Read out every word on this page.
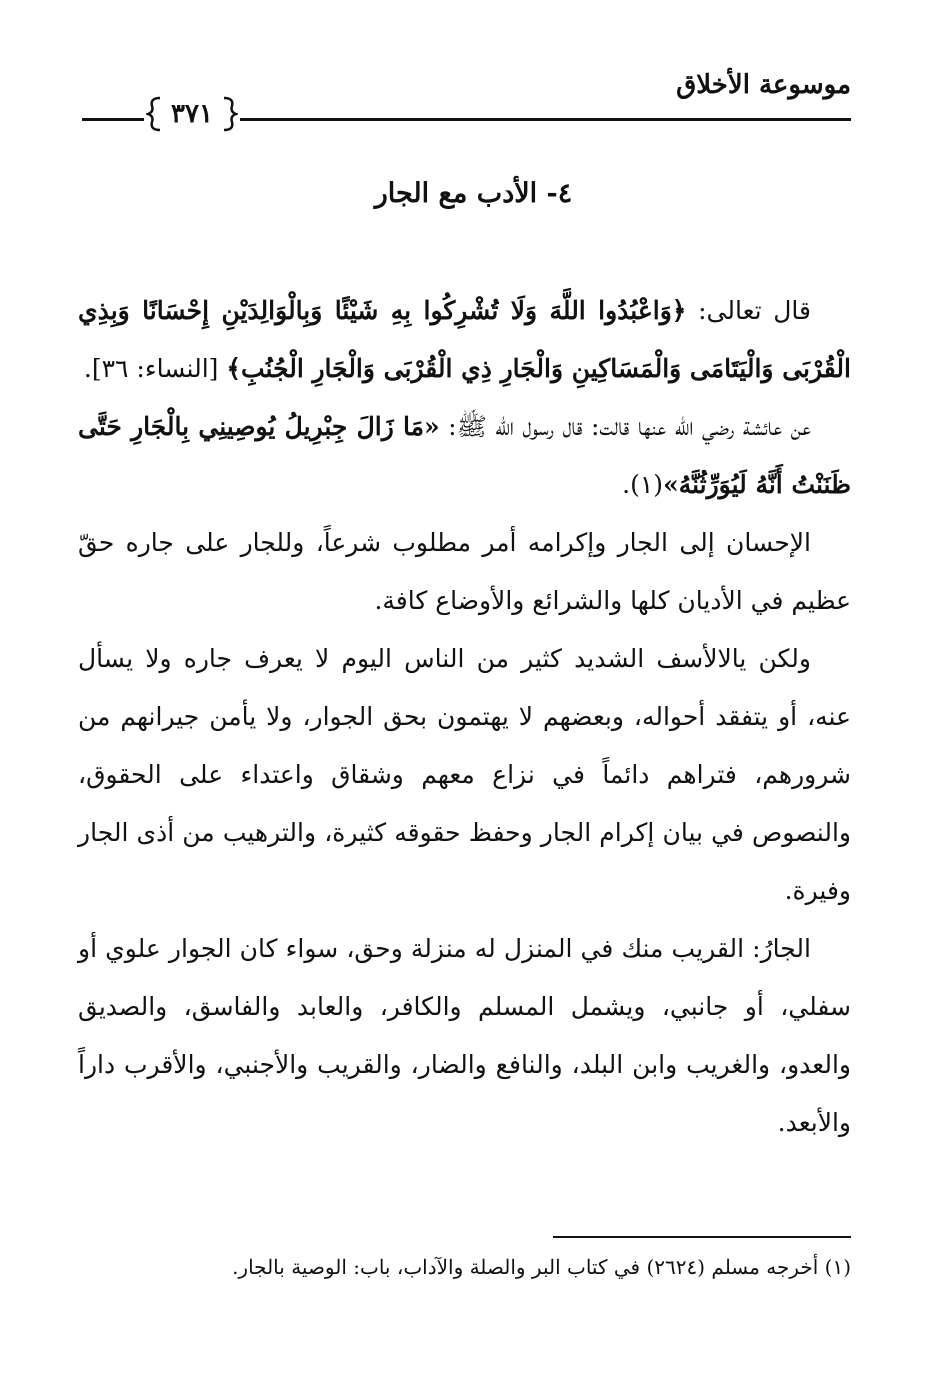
موسوعة الأخلاق
٣٧١
٤- الأدب مع الجار

قال تعالى: ﴿وَاعْبُدُوا اللَّهَ وَلَا تُشْرِكُوا بِهِ شَيْئًا وَبِالْوَالِدَيْنِ إِحْسَانًا وَبِذِي الْقُرْبَى وَالْيَتَامَى وَالْمَسَاكِينِ وَالْجَارِ ذِي الْقُرْبَى وَالْجَارِ الْجُنُبِ﴾ [النساء: ٣٦].

عن عائشة رضي الله عنها قالت: قال رسول الله ﷺ: «مَا زَالَ جِبْرِيلُ يُوصِينِي بِالْجَارِ حَتَّى ظَنَنْتُ أَنَّهُ لَيُوَرِّثُنَّهُ»(١).

الإحسان إلى الجار وإكرامه أمر مطلوب شرعاً، وللجار على جاره حقّ عظيم في الأديان كلها والشرائع والأوضاع كافة.

ولكن يالالأسف الشديد كثير من الناس اليوم لا يعرف جاره ولا يسأل عنه، أو يتفقد أحواله، وبعضهم لا يهتمون بحق الجوار، ولا يأمن جيرانهم من شرورهم، فتراهم دائماً في نزاع معهم وشقاق واعتداء على الحقوق، والنصوص في بيان إكرام الجار وحفظ حقوقه كثيرة، والترهيب من أذى الجار وفيرة.

الجارُ: القريب منك في المنزل له منزلة وحق، سواء كان الجوار علوي أو سفلي، أو جانبي، ويشمل المسلم والكافر، والعابد والفاسق، والصديق والعدو، والغريب وابن البلد، والنافع والضار، والقريب والأجنبي، والأقرب داراً والأبعد.

(١) أخرجه مسلم (٢٦٢٤) في كتاب البر والصلة والآداب، باب: الوصية بالجار.
